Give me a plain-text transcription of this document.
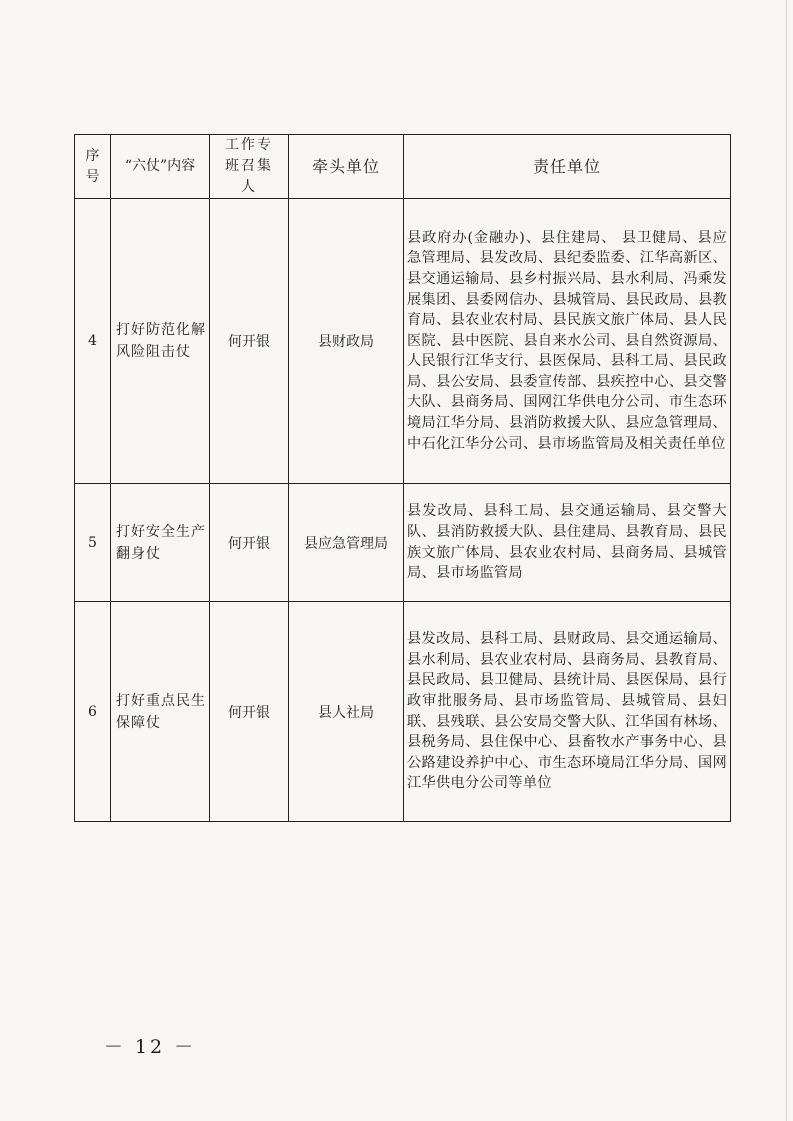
序号	“六仗”内容	工作专班召集人	牵头单位	责任单位
4	打好防范化解风险阻击仗	何开银	县财政局	县政府办(金融办)、县住建局、 县卫健局、县应急管理局、县发改局、县纪委监委、江华高新区、县交通运输局、县乡村振兴局、县水利局、冯乘发展集团、县委网信办、县城管局、县民政局、县教育局、县农业农村局、县民族文旅广体局、县人民医院、县中医院、县自来水公司、县自然资源局、人民银行江华支行、县医保局、县科工局、县民政局、县公安局、县委宣传部、县疾控中心、县交警大队、县商务局、国网江华供电分公司、市生态环境局江华分局、县消防救援大队、县应急管理局、中石化江华分公司、县市场监管局及相关责任单位
5	打好安全生产翻身仗	何开银	县应急管理局	县发改局、县科工局、县交通运输局、县交警大队、县消防救援大队、县住建局、县教育局、县民族文旅广体局、县农业农村局、县商务局、县城管局、县市场监管局
6	打好重点民生保障仗	何开银	县人社局	县发改局、县科工局、县财政局、县交通运输局、县水利局、县农业农村局、县商务局、县教育局、县民政局、县卫健局、县统计局、县医保局、县行政审批服务局、县市场监管局、县城管局、县妇联、县残联、县公安局交警大队、江华国有林场、县税务局、县住保中心、县畜牧水产事务中心、县公路建设养护中心、市生态环境局江华分局、国网江华供电分公司等单位
－ 12 －
